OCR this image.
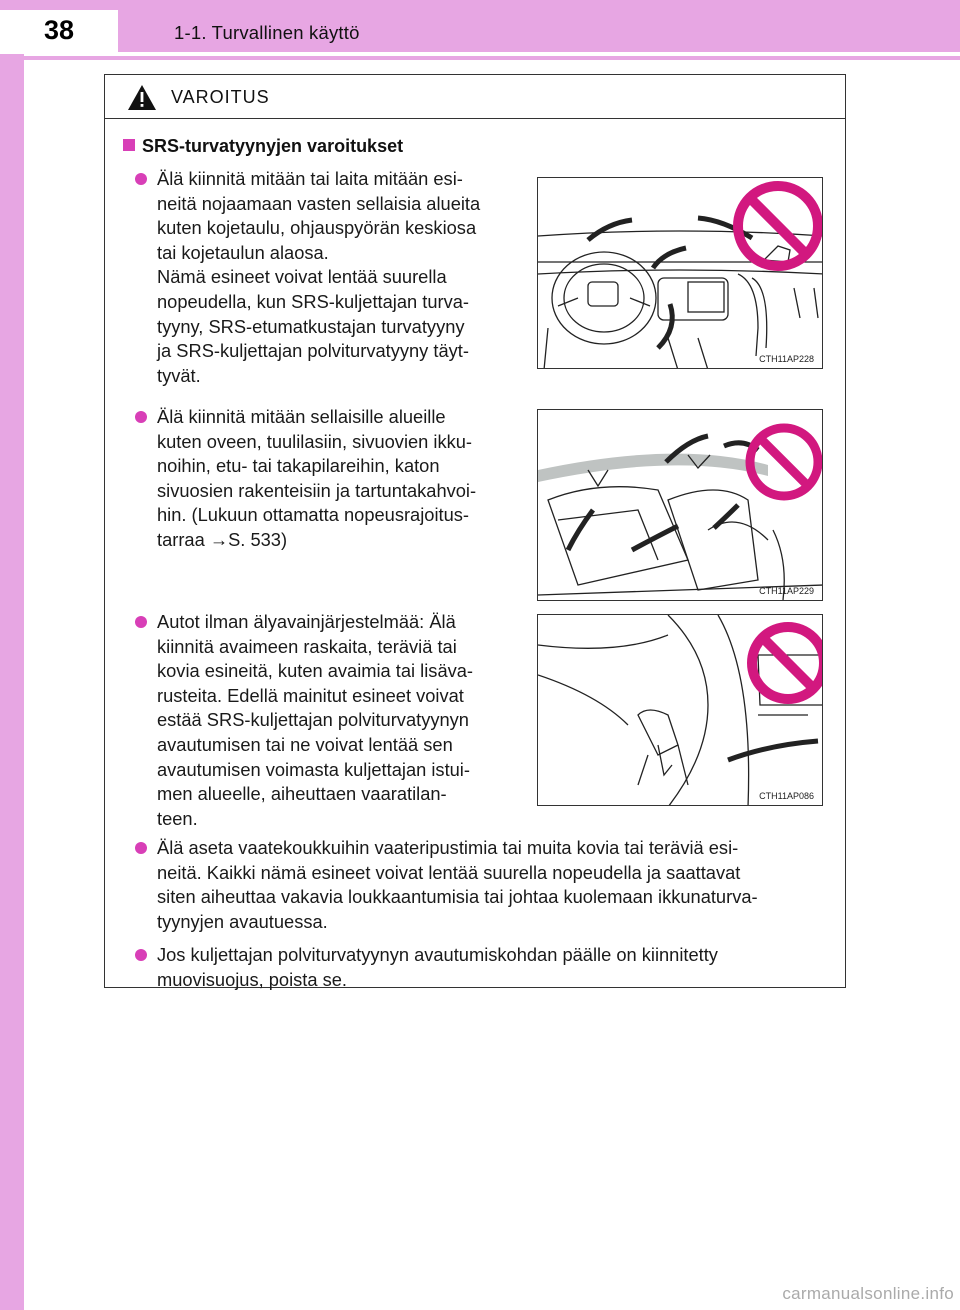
38	1-1. Turvallinen käyttö
VAROITUS
SRS-turvatyynyjen varoitukset
Älä kiinnitä mitään tai laita mitään esi-
neitä nojaamaan vasten sellaisia alueita
kuten kojetaulu, ohjauspyörän keskiosa
tai kojetaulun alaosa.
Nämä esineet voivat lentää suurella
nopeudella, kun SRS-kuljettajan turva-
tyyny, SRS-etumatkustajan turvatyyny
ja SRS-kuljettajan polviturvatyyny täyt-
tyvät.
Älä kiinnitä mitään sellaisille alueille
kuten oveen, tuulilasiin, sivuovien ikku-
noihin, etu- tai takapilareihin, katon
sivuosien rakenteisiin ja tartuntakahvoi-
hin. (Lukuun ottamatta nopeusrajoitus-
tarraa →S. 533)
Autot ilman älyavainjärjestelmää: Älä
kiinnitä avaimeen raskaita, teräviä tai
kovia esineitä, kuten avaimia tai lisäva-
rusteita. Edellä mainitut esineet voivat
estää SRS-kuljettajan polviturvatyynyn
avautumisen tai ne voivat lentää sen
avautumisen voimasta kuljettajan istui-
men alueelle, aiheuttaen vaaratilan-
teen.
Älä aseta vaatekoukkuihin vaateripustimia tai muita kovia tai teräviä esi-
neitä. Kaikki nämä esineet voivat lentää suurella nopeudella ja saattavat
siten aiheuttaa vakavia loukkaantumisia tai johtaa kuolemaan ikkunaturva-
tyynyjen avautuessa.
Jos kuljettajan polviturvatyynyn avautumiskohdan päälle on kiinnitetty
muovisuojus, poista se.
CTH11AP228
CTH11AP229
CTH11AP086
carmanualsonline.info
